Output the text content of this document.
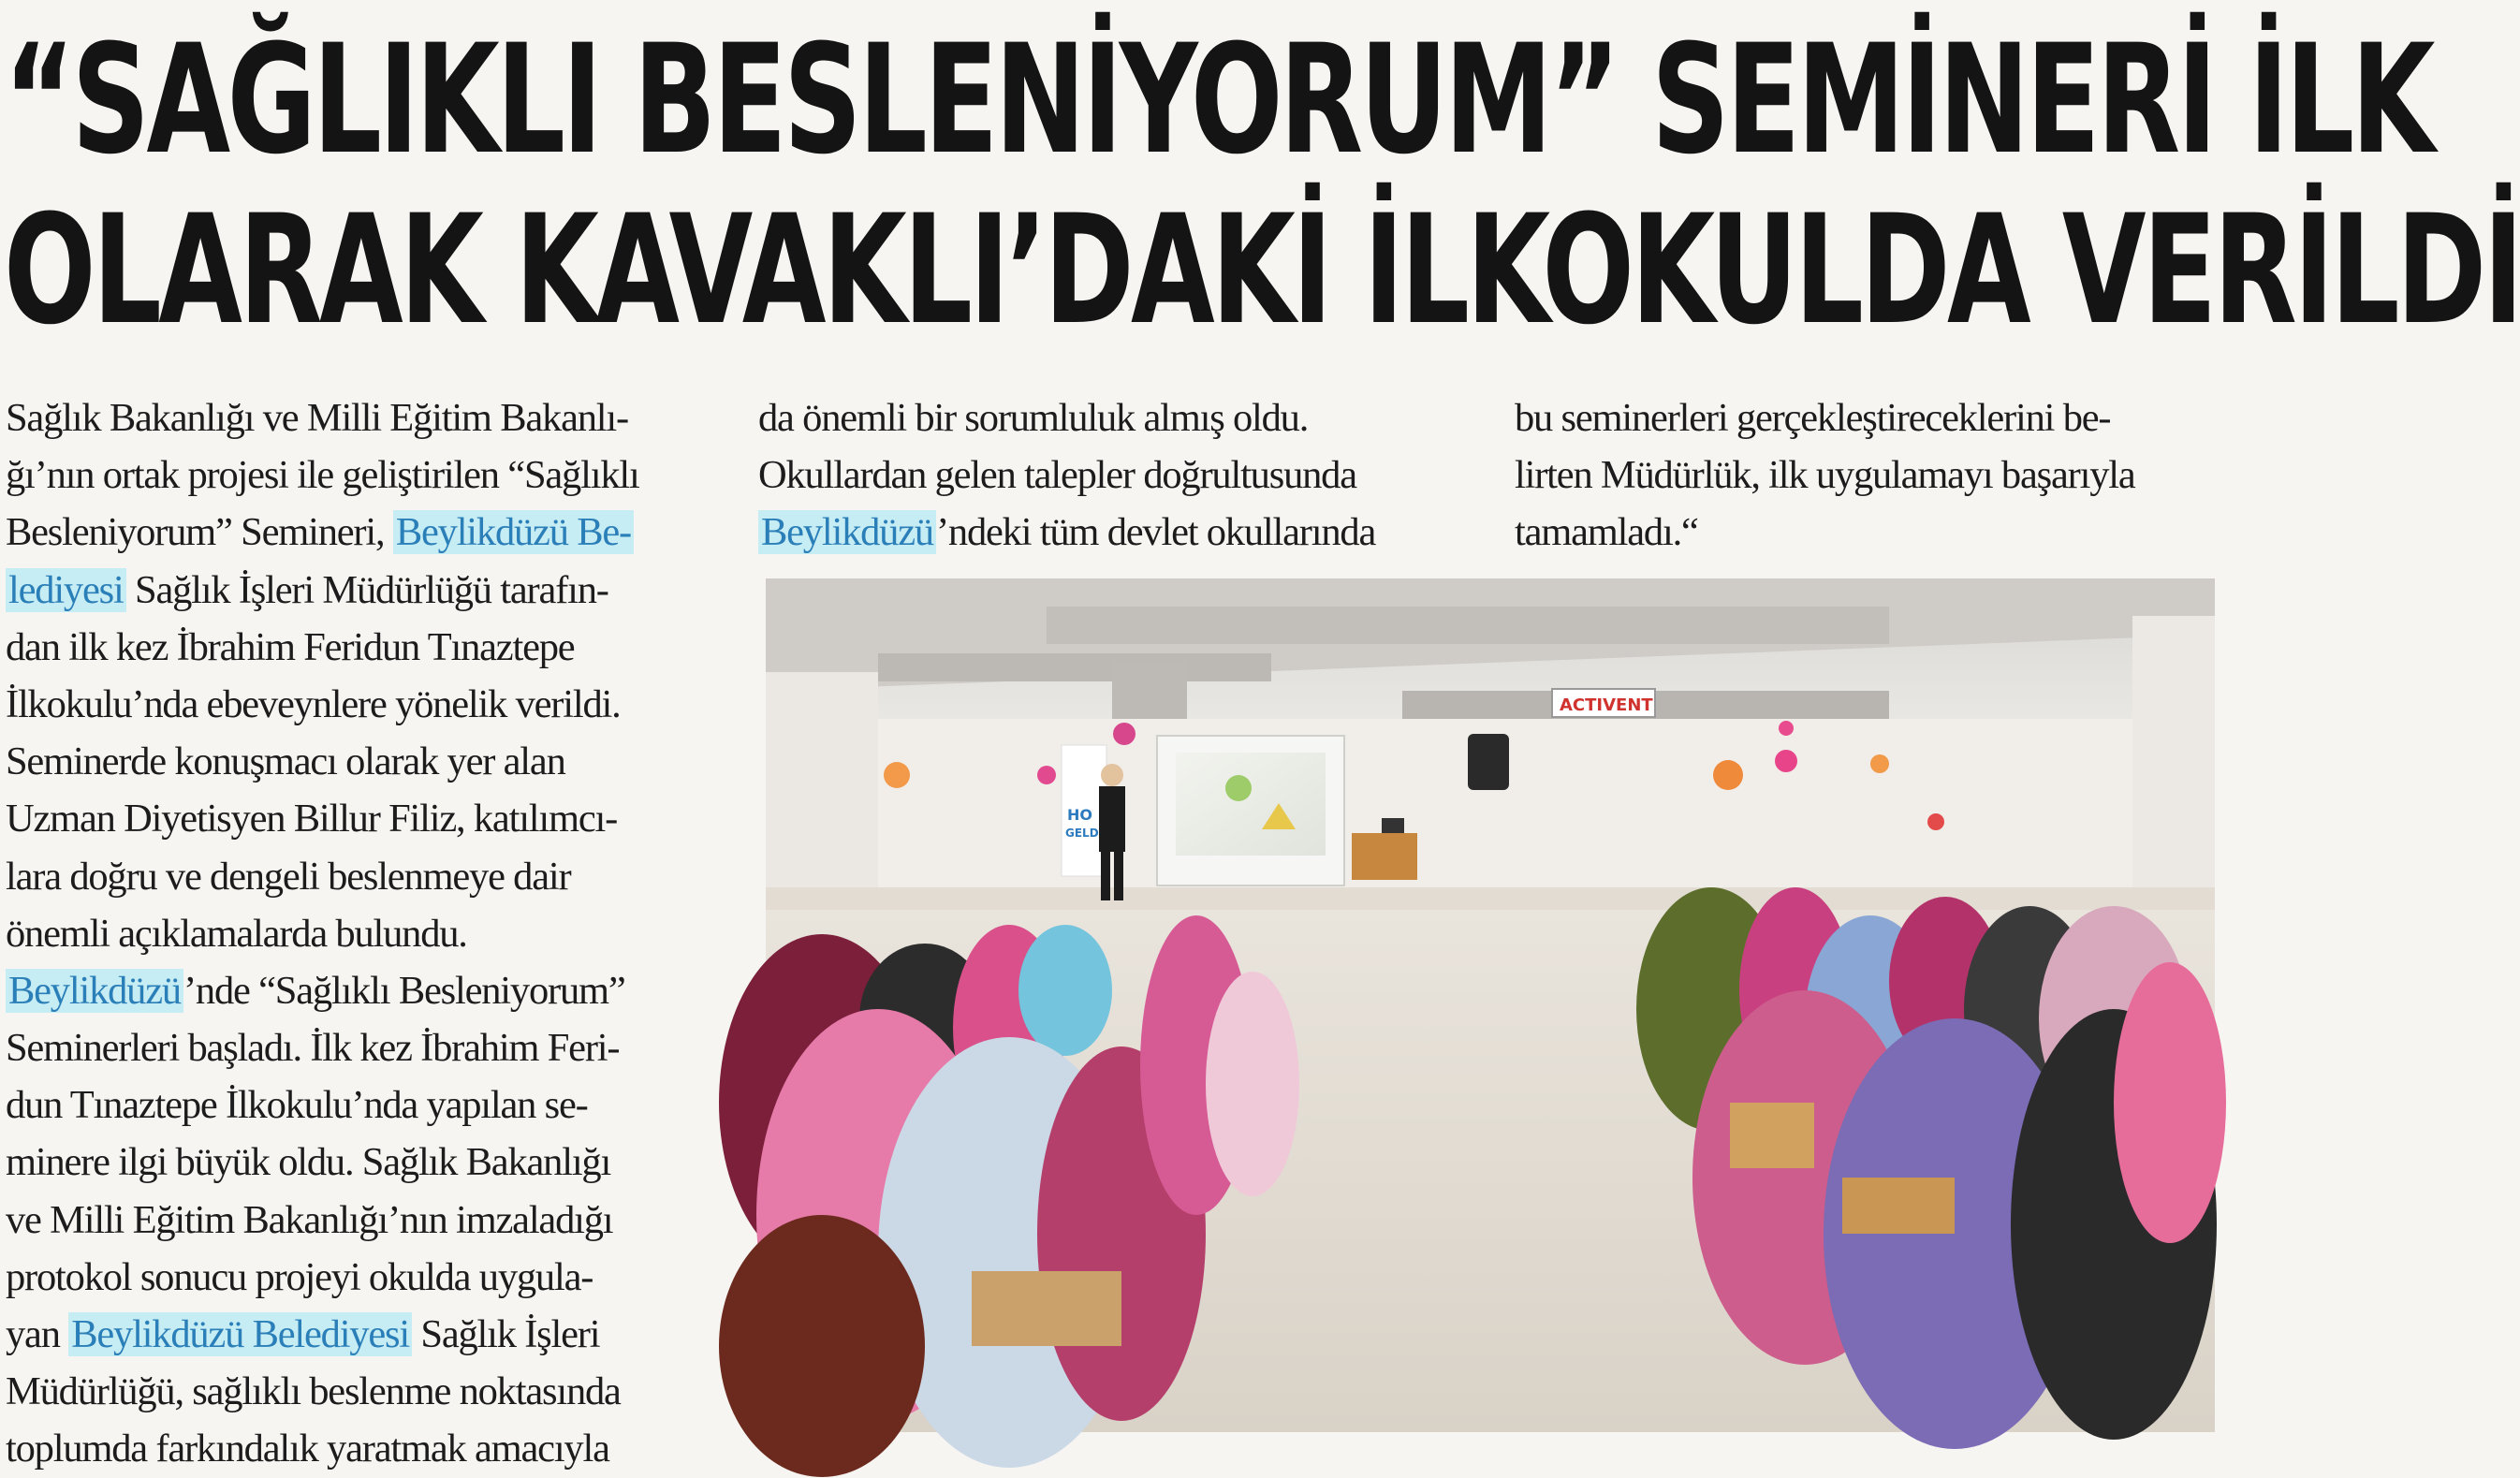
“SAĞLIKLI BESLENİYORUM” SEMİNERİ İLK
OLARAK KAVAKLI’DAKİ İLKOKULDA VERİLDİ
Sağlık Bakanlığı ve Milli Eğitim Bakanlı-
ğı’nın ortak projesi ile geliştirilen “Sağlıklı
Besleniyorum” Semineri, Beylikdüzü Be-
lediyesi Sağlık İşleri Müdürlüğü tarafın-
dan ilk kez İbrahim Feridun Tınaztepe
İlkokulu’nda ebeveynlere yönelik verildi.
Seminerde konuşmacı olarak yer alan
Uzman Diyetisyen Billur Filiz, katılımcı-
lara doğru ve dengeli beslenmeye dair
önemli açıklamalarda bulundu.
Beylikdüzü’nde “Sağlıklı Besleniyorum”
Seminerleri başladı. İlk kez İbrahim Feri-
dun Tınaztepe İlkokulu’nda yapılan se-
minere ilgi büyük oldu. Sağlık Bakanlığı
ve Milli Eğitim Bakanlığı’nın imzaladığı
protokol sonucu projeyi okulda uygula-
yan Beylikdüzü Belediyesi Sağlık İşleri
Müdürlüğü, sağlıklı beslenme noktasında
toplumda farkındalık yaratmak amacıyla
da önemli bir sorumluluk almış oldu.
Okullardan gelen talepler doğrultusunda
Beylikdüzü’ndeki tüm devlet okullarında
bu seminerleri gerçekleştireceklerini be-
lirten Müdürlük, ilk uygulamayı başarıyla
tamamladı.“
ACTIVENT
HO
GELD
